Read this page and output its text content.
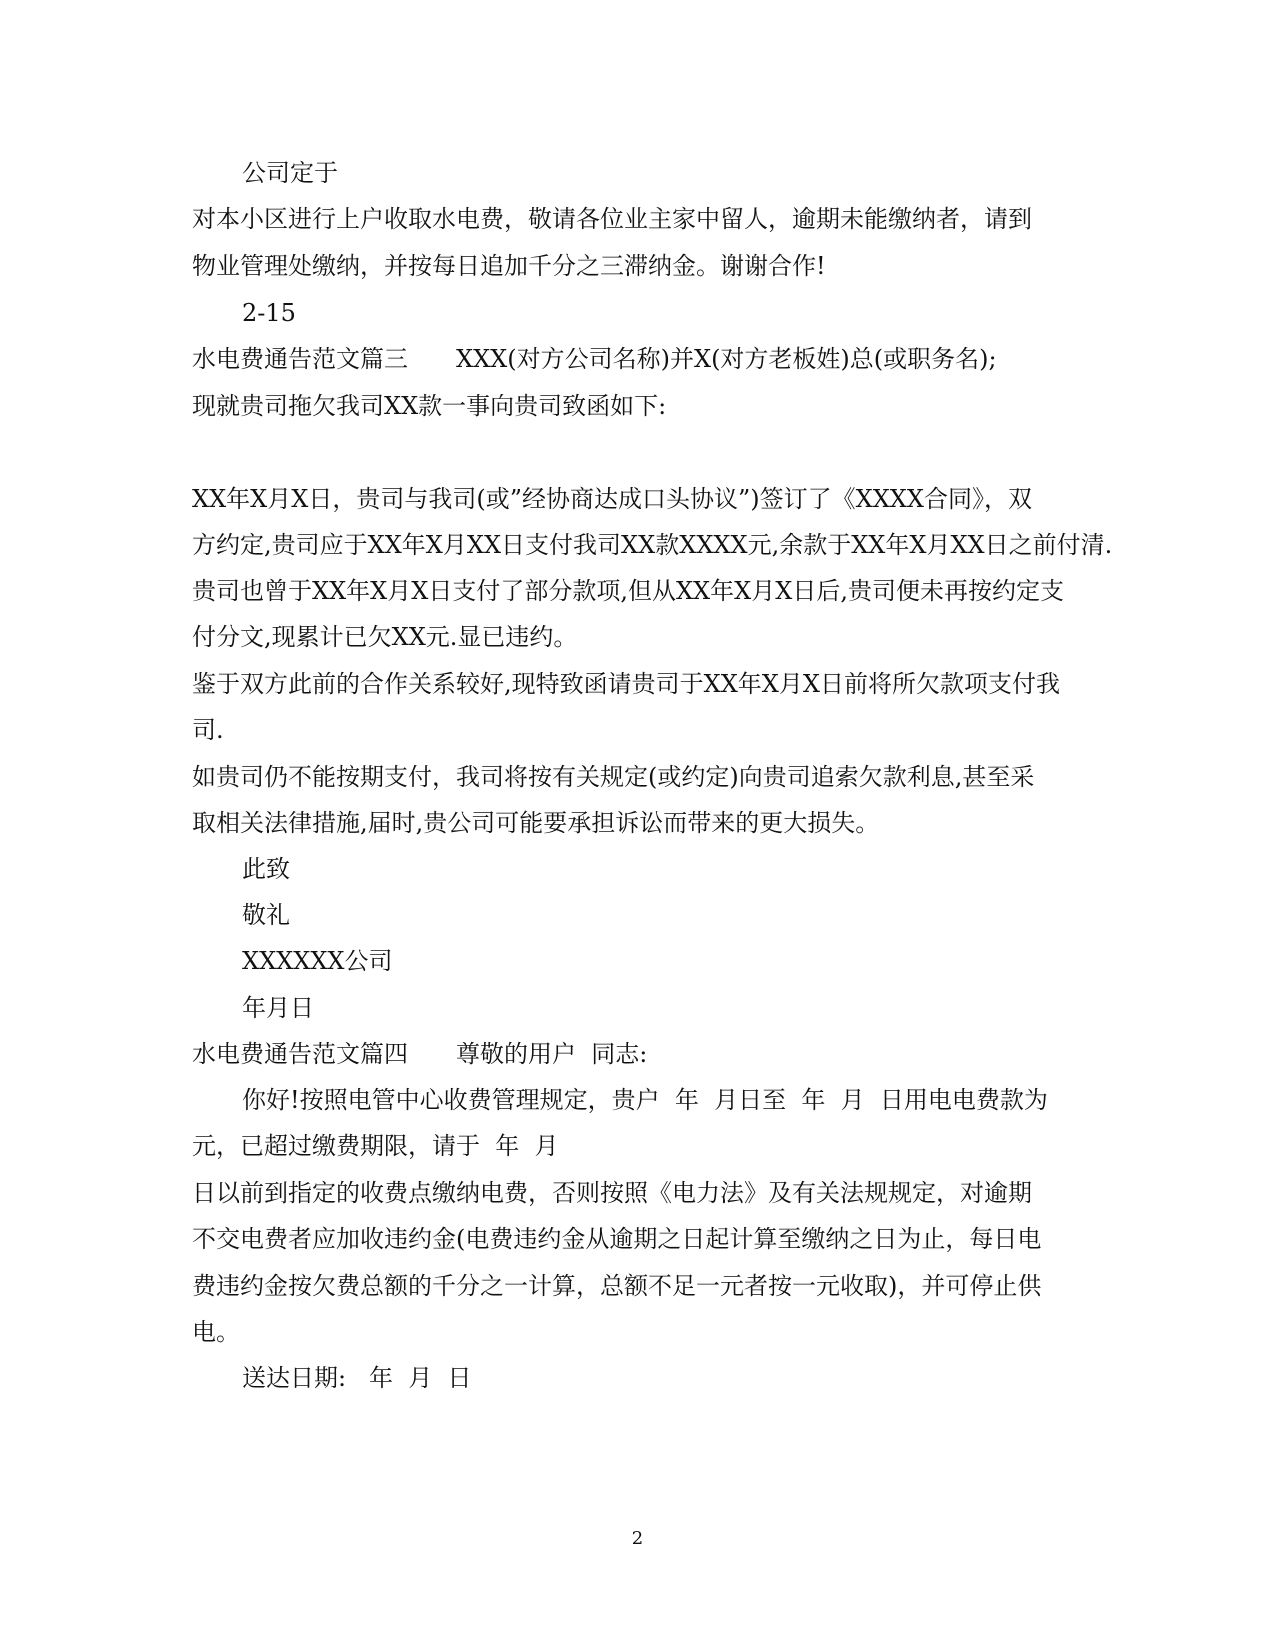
公司定于
对本小区进行上户收取水电费，敬请各位业主家中留人，逾期未能缴纳者，请到
物业管理处缴纳，并按每日追加千分之三滞纳金。谢谢合作!
2-15
水电费通告范文篇三　　XXX(对方公司名称)并X(对方老板姓)总(或职务名);
现就贵司拖欠我司XX款一事向贵司致函如下:
XX年X月X日，贵司与我司(或”经协商达成口头协议”)签订了《XXXX合同》，双
方约定,贵司应于XX年X月XX日支付我司XX款XXXX元,余款于XX年X月XX日之前付清.
贵司也曾于XX年X月X日支付了部分款项,但从XX年X月X日后,贵司便未再按约定支
付分文,现累计已欠XX元.显已违约。
鉴于双方此前的合作关系较好,现特致函请贵司于XX年X月X日前将所欠款项支付我
司.
如贵司仍不能按期支付，我司将按有关规定(或约定)向贵司追索欠款利息,甚至采
取相关法律措施,届时,贵公司可能要承担诉讼而带来的更大损失。
此致
敬礼
XXXXXX公司
年月日
水电费通告范文篇四　　尊敬的用户  同志:
你好!按照电管中心收费管理规定，贵户  年  月日至  年  月  日用电电费款为
元，已超过缴费期限，请于  年  月
日以前到指定的收费点缴纳电费，否则按照《电力法》及有关法规规定，对逾期
不交电费者应加收违约金(电费违约金从逾期之日起计算至缴纳之日为止，每日电
费违约金按欠费总额的千分之一计算，总额不足一元者按一元收取)，并可停止供
电。
送达日期:   年  月  日
2
